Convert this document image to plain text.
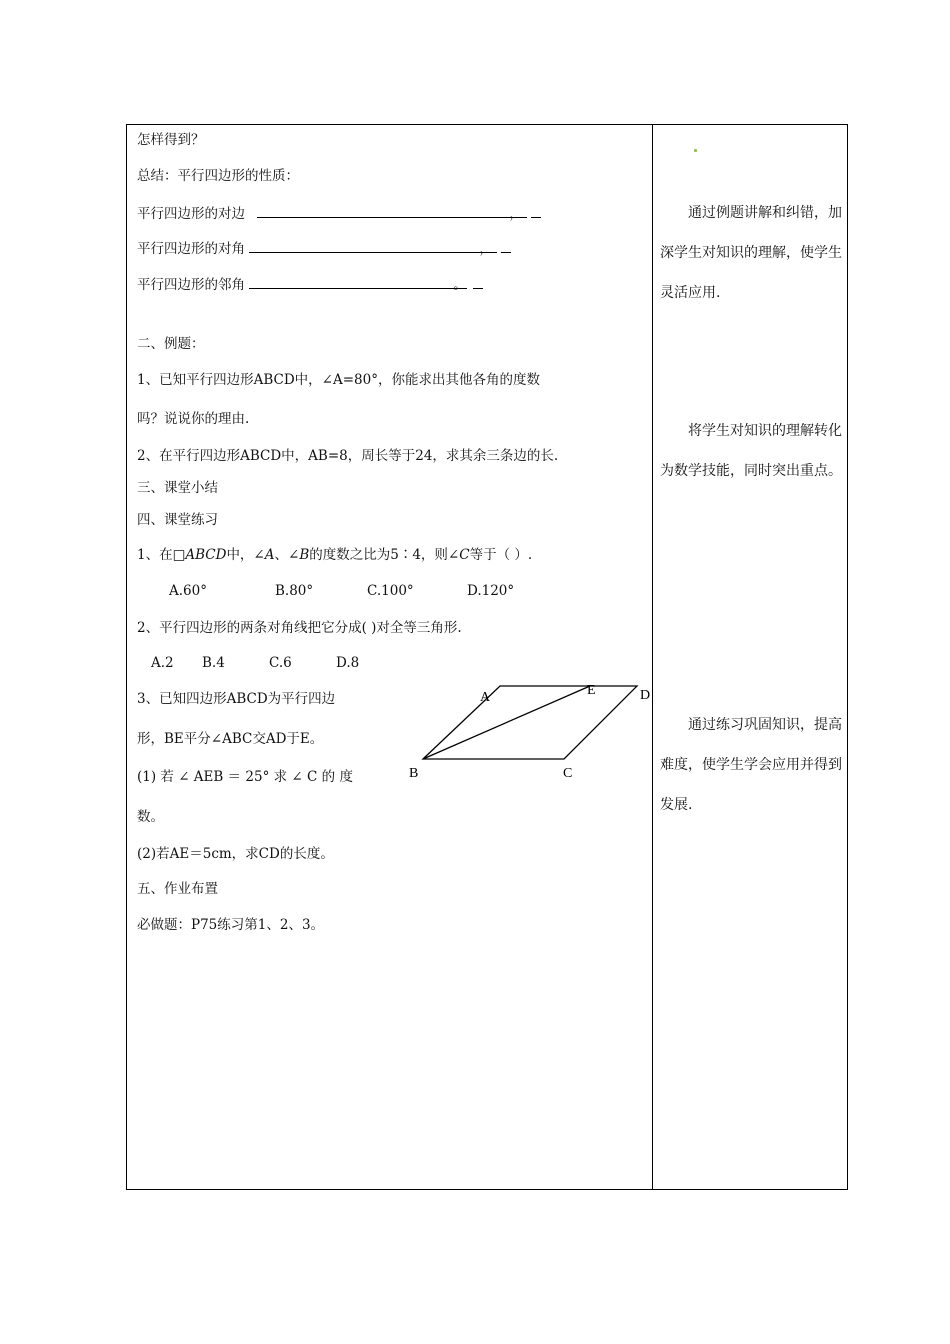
怎样得到？
总结：平行四边形的性质：
平行四边形的对边	，
平行四边形的对角	，
平行四边形的邻角	。
二、例题：
1、已知平行四边形ABCD中，∠A=80°，你能求出其他各角的度数
吗？说说你的理由.
2、在平行四边形ABCD中，AB=8，周长等于24，求其余三条边的长.
三、课堂小结
四、课堂练习
1、在□ABCD中，∠A、∠B的度数之比为5∶4，则∠C等于（ ）.
A.60°	B.80°	C.100°	D.120°
2、平行四边形的两条对角线把它分成( )对全等三角形.
A.2 B.4	C.6	D.8
3、已知四边形ABCD为平行四边
形，BE平分∠ABC交AD于E。
(1) 若 ∠ AEB ＝ 25° 求 ∠ C 的 度
数。
(2)若AE＝5cm，求CD的长度。
五、作业布置
必做题：P75练习第1、2、3。
A	E	D
B	C

通过例题讲解和纠错，加深学生对知识的理解，使学生灵活应用.

将学生对知识的理解转化为数学技能，同时突出重点。

通过练习巩固知识，提高难度，使学生学会应用并得到发展.
